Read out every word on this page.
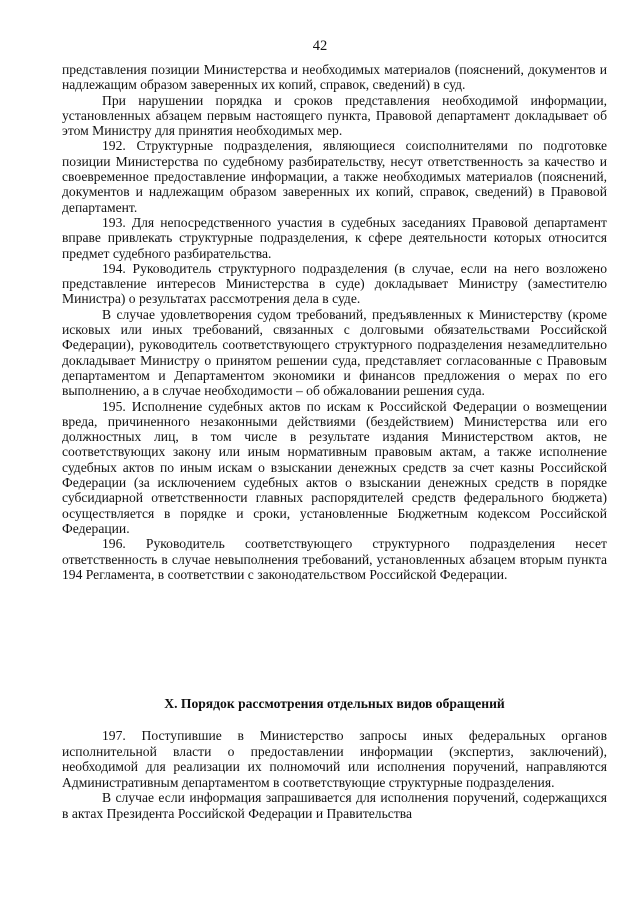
42

представления позиции Министерства и необходимых материалов (пояснений, документов и надлежащим образом заверенных их копий, справок, сведений) в суд.

При нарушении порядка и сроков представления необходимой информации, установленных абзацем первым настоящего пункта, Правовой департамент докладывает об этом Министру для принятия необходимых мер.

192. Структурные подразделения, являющиеся соисполнителями по подготовке позиции Министерства по судебному разбирательству, несут ответственность за качество и своевременное предоставление информации, а также необходимых материалов (пояснений, документов и надлежащим образом заверенных их копий, справок, сведений) в Правовой департамент.

193. Для непосредственного участия в судебных заседаниях Правовой департамент вправе привлекать структурные подразделения, к сфере деятельности которых относится предмет судебного разбирательства.

194. Руководитель структурного подразделения (в случае, если на него возложено представление интересов Министерства в суде) докладывает Министру (заместителю Министра) о результатах рассмотрения дела в суде.

В случае удовлетворения судом требований, предъявленных к Министерству (кроме исковых или иных требований, связанных с долговыми обязательствами Российской Федерации), руководитель соответствующего структурного подразделения незамедлительно докладывает Министру о принятом решении суда, представляет согласованные с Правовым департаментом и Департаментом экономики и финансов предложения о мерах по его выполнению, а в случае необходимости – об обжаловании решения суда.

195. Исполнение судебных актов по искам к Российской Федерации о возмещении вреда, причиненного незаконными действиями (бездействием) Министерства или его должностных лиц, в том числе в результате издания Министерством актов, не соответствующих закону или иным нормативным правовым актам, а также исполнение судебных актов по иным искам о взыскании денежных средств за счет казны Российской Федерации (за исключением судебных актов о взыскании денежных средств в порядке субсидиарной ответственности главных распорядителей средств федерального бюджета) осуществляется в порядке и сроки, установленные Бюджетным кодексом Российской Федерации.

196. Руководитель соответствующего структурного подразделения несет ответственность в случае невыполнения требований, установленных абзацем вторым пункта 194 Регламента, в соответствии с законодательством Российской Федерации.

X. Порядок рассмотрения отдельных видов обращений

197. Поступившие в Министерство запросы иных федеральных органов исполнительной власти о предоставлении информации (экспертиз, заключений), необходимой для реализации их полномочий или исполнения поручений, направляются Административным департаментом в соответствующие структурные подразделения.

В случае если информация запрашивается для исполнения поручений, содержащихся в актах Президента Российской Федерации и Правительства
